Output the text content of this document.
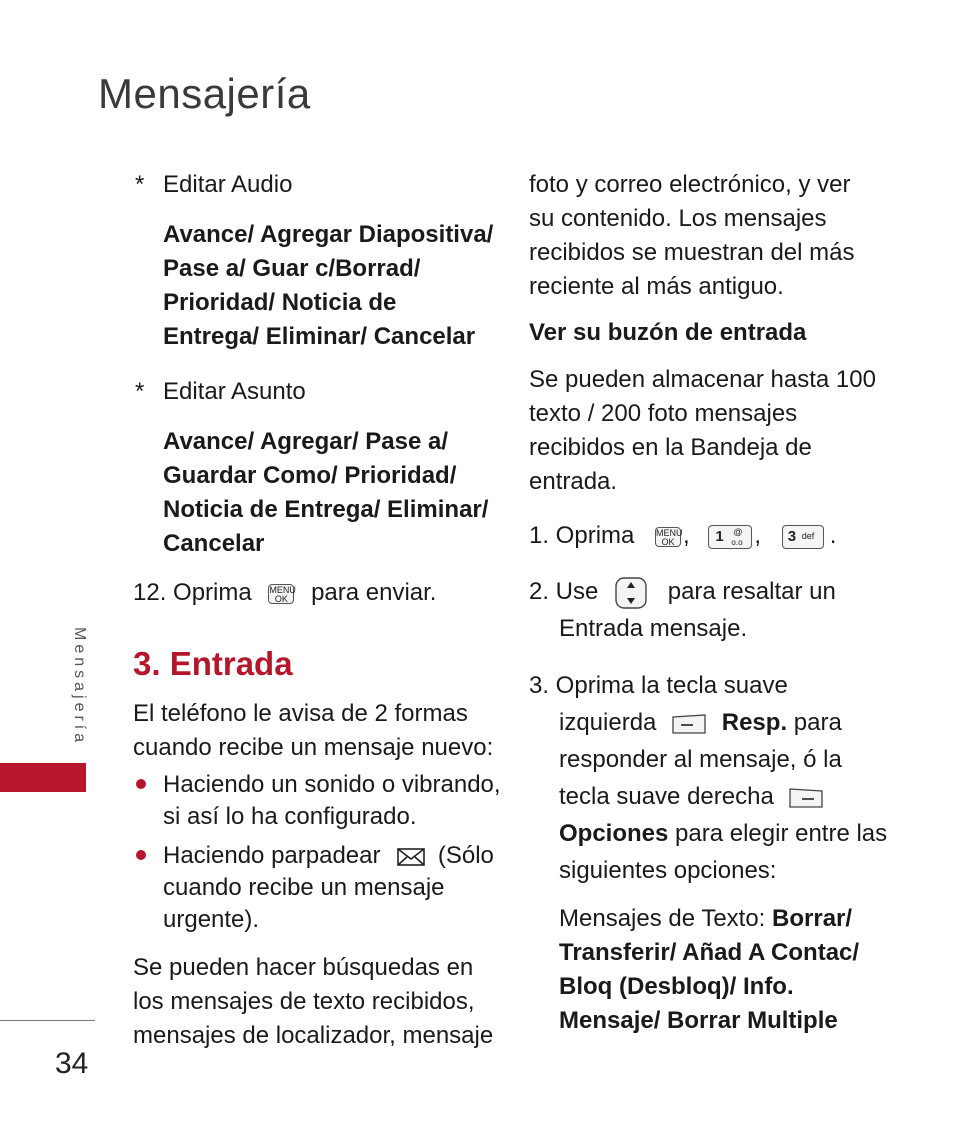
Mensajería
* Editar Audio
Avance/ Agregar Diapositiva/
Pase a/ Guar c/Borrad/
Prioridad/ Noticia de
Entrega/ Eliminar/ Cancelar
* Editar Asunto
Avance/ Agregar/ Pase a/
Guardar Como/ Prioridad/
Noticia de Entrega/ Eliminar/
Cancelar
12. Oprima MENU
OK para enviar.
3. Entrada
El teléfono le avisa de 2 formas
cuando recibe un mensaje nuevo:
Haciendo un sonido o vibrando,
si así lo ha configurado.
Haciendo parpadear (Sólo
cuando recibe un mensaje
urgente).
Se pueden hacer búsquedas en
los mensajes de texto recibidos,
mensajes de localizador, mensaje
Mensajería
34
foto y correo electrónico, y ver
su contenido. Los mensajes
recibidos se muestran del más
reciente al más antiguo.
Ver su buzón de entrada
Se pueden almacenar hasta 100
texto / 200 foto mensajes
recibidos en la Bandeja de
entrada.
1. Oprima MENU
OK , 1 @
o.o , 3 def .
2. Use	para resaltar un
Entrada mensaje.
3. Oprima la tecla suave
izquierda	Resp. para
responder al mensaje, ó la
tecla suave derecha
Opciones para elegir entre las
siguientes opciones:
Mensajes de Texto: Borrar/
Transferir/ Añad A Contac/
Bloq (Desbloq)/ Info.
Mensaje/ Borrar Multiple
